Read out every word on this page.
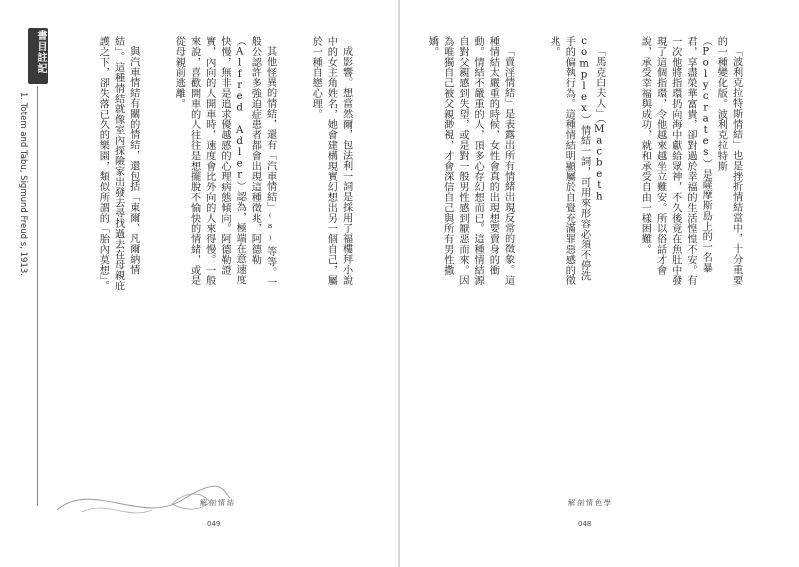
書目註記
1. Totem and Tabu, Sigmund Freud s, 1913.

	成影響。想當然爾，包法利一詞是採用了福樓拜小說中的女主角姓名，她會建構現實幻想出另一個自己，屬於一種自戀心理。

其他怪異的情結，還有「汽車情結」⁽⁸⁾等等。一般公認許多強迫症患者都會出現這種徵兆，阿德勒（Alfred Adler）認為，極端在意速度快慢，無非是追求優越感的心理病態傾向。阿德勒證實，內向的人開車時，速度會比外向的人來得慢。一般來說，喜歡開車的人往往是想擺脫不愉快的情緒，或是從母親前逃離。

與汽車情結有關的情結，還包括「東爾、凡爾納情結」。這種情結就像室內探險家出發去尋找過去在母親庇護之下，卻失落已久的樂園，類似所謂的「胎內莫想」。

解剖情結
049

「波利克拉特斯情結」也是挫折情結當中，十分重要的一種變化版。波利克拉特斯（Polycrates）是薩摩斯島上的一名暴君，享盡榮華富貴，卻對過於幸福的生活惶惶不安。有一次他將指環扔向海中獻給眾神，不久後竟在魚肚中發現了這個指環，令他越來越坐立難安。所以俗話才會說，承受幸福與成功，就和承受自由一樣困難。

「馬克白夫人」（Macbeth complex）情結一詞，可用來形容必須不停洗手的偏執行為。這種情結明顯屬於自覺充滿罪惡感的徵兆。

「賣淫情結」是表露出所有情緒出現反常的徵象。這種情結太嚴重的時候，女性會真的出現想要賣身的衝動。情結不嚴重的人，頂多心存幻想而已。這種情結源自對父親感到失望，或是對一般男性感到厭惡而來。因為唯獨自己被父親渺視，才會深信自己與所有男性撒嬌。

解剖情色學
048
